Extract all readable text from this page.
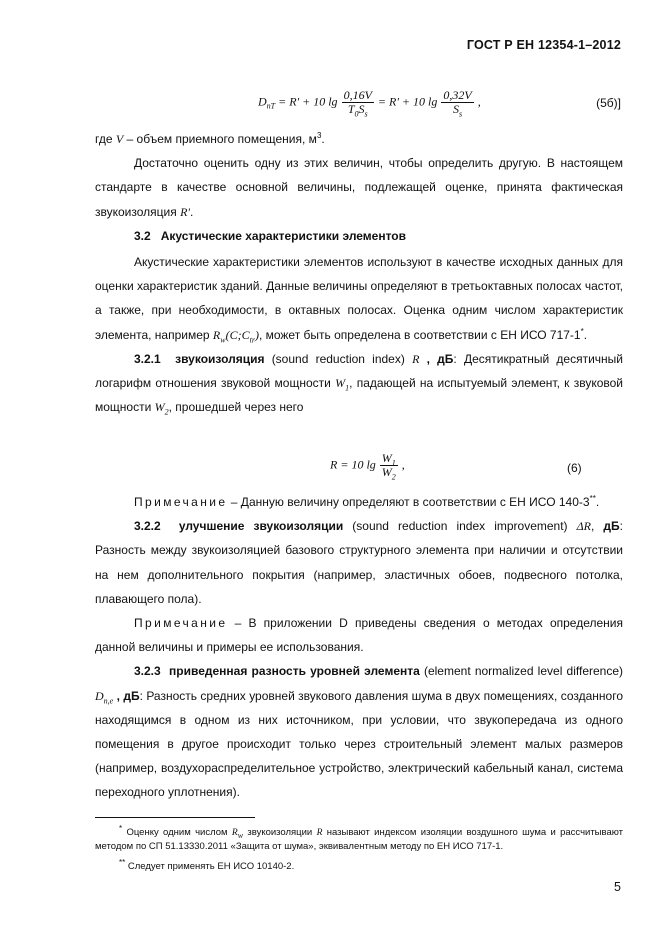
ГОСТ Р ЕН 12354-1–2012
$D_{nT} = R' + 10$ $\lg \frac{0,16V}{T_0S_s} = R' + 10$ $\lg \frac{0,32V}{S_s}$ ,	(5б)]

где V – объем приемного помещения, $м^3$.

Достаточно оценить одну из этих величин, чтобы определить другую. В настоящем стандарте в качестве основной величины, подлежащей оценке, принята фактическая звукоизоляция R'.

3.2 Акустические характеристики элементов

Акустические характеристики элементов используют в качестве исходных данных для оценки характеристик зданий. Данные величины определяют в третьоктавных полосах частот, а также, при необходимости, в октавных полосах. Оценка одним числом характеристик элемента, например $R_w(C;C_{tr})$, может быть определена в соответствии с ЕН ИСО 717-1*.

3.2.1 звукоизоляция (sound reduction index) R , дБ: Десятикратный десятичный логарифм отношения звуковой мощности $W_1$, падающей на испытуемый элемент, к звуковой мощности $W_2$, прошедшей через него

R = 10 $\lg \frac{W_1}{W_2}$ ,	(6)

Примечание – Данную величину определяют в соответствии с ЕН ИСО 140-3**.

3.2.2 улучшение звукоизоляции (sound reduction index improvement) ΔR, дБ: Разность между звукоизоляцией базового структурного элемента при наличии и отсутствии на нем дополнительного покрытия (например, эластичных обоев, подвесного потолка, плавающего пола).

Примечание – В приложении D приведены сведения о методах определения данной величины и примеры ее использования.

3.2.3 приведенная разность уровней элемента (element normalized level difference) $D_{n,e}$ , дБ: Разность средних уровней звукового давления шума в двух помещениях, созданного находящимся в одном из них источником, при условии, что звукопередача из одного помещения в другое происходит только через строительный элемент малых размеров (например, воздухораспределительное устройство, электрический кабельный канал, система переходного уплотнения).

* Оценку одним числом $R_w$ звукоизоляции R называют индексом изоляции воздушного шума и рассчитывают методом по СП 51.13330.2011 «Защита от шума», эквивалентным методу по ЕН ИСО 717-1.
** Следует применять ЕН ИСО 10140-2.
5
